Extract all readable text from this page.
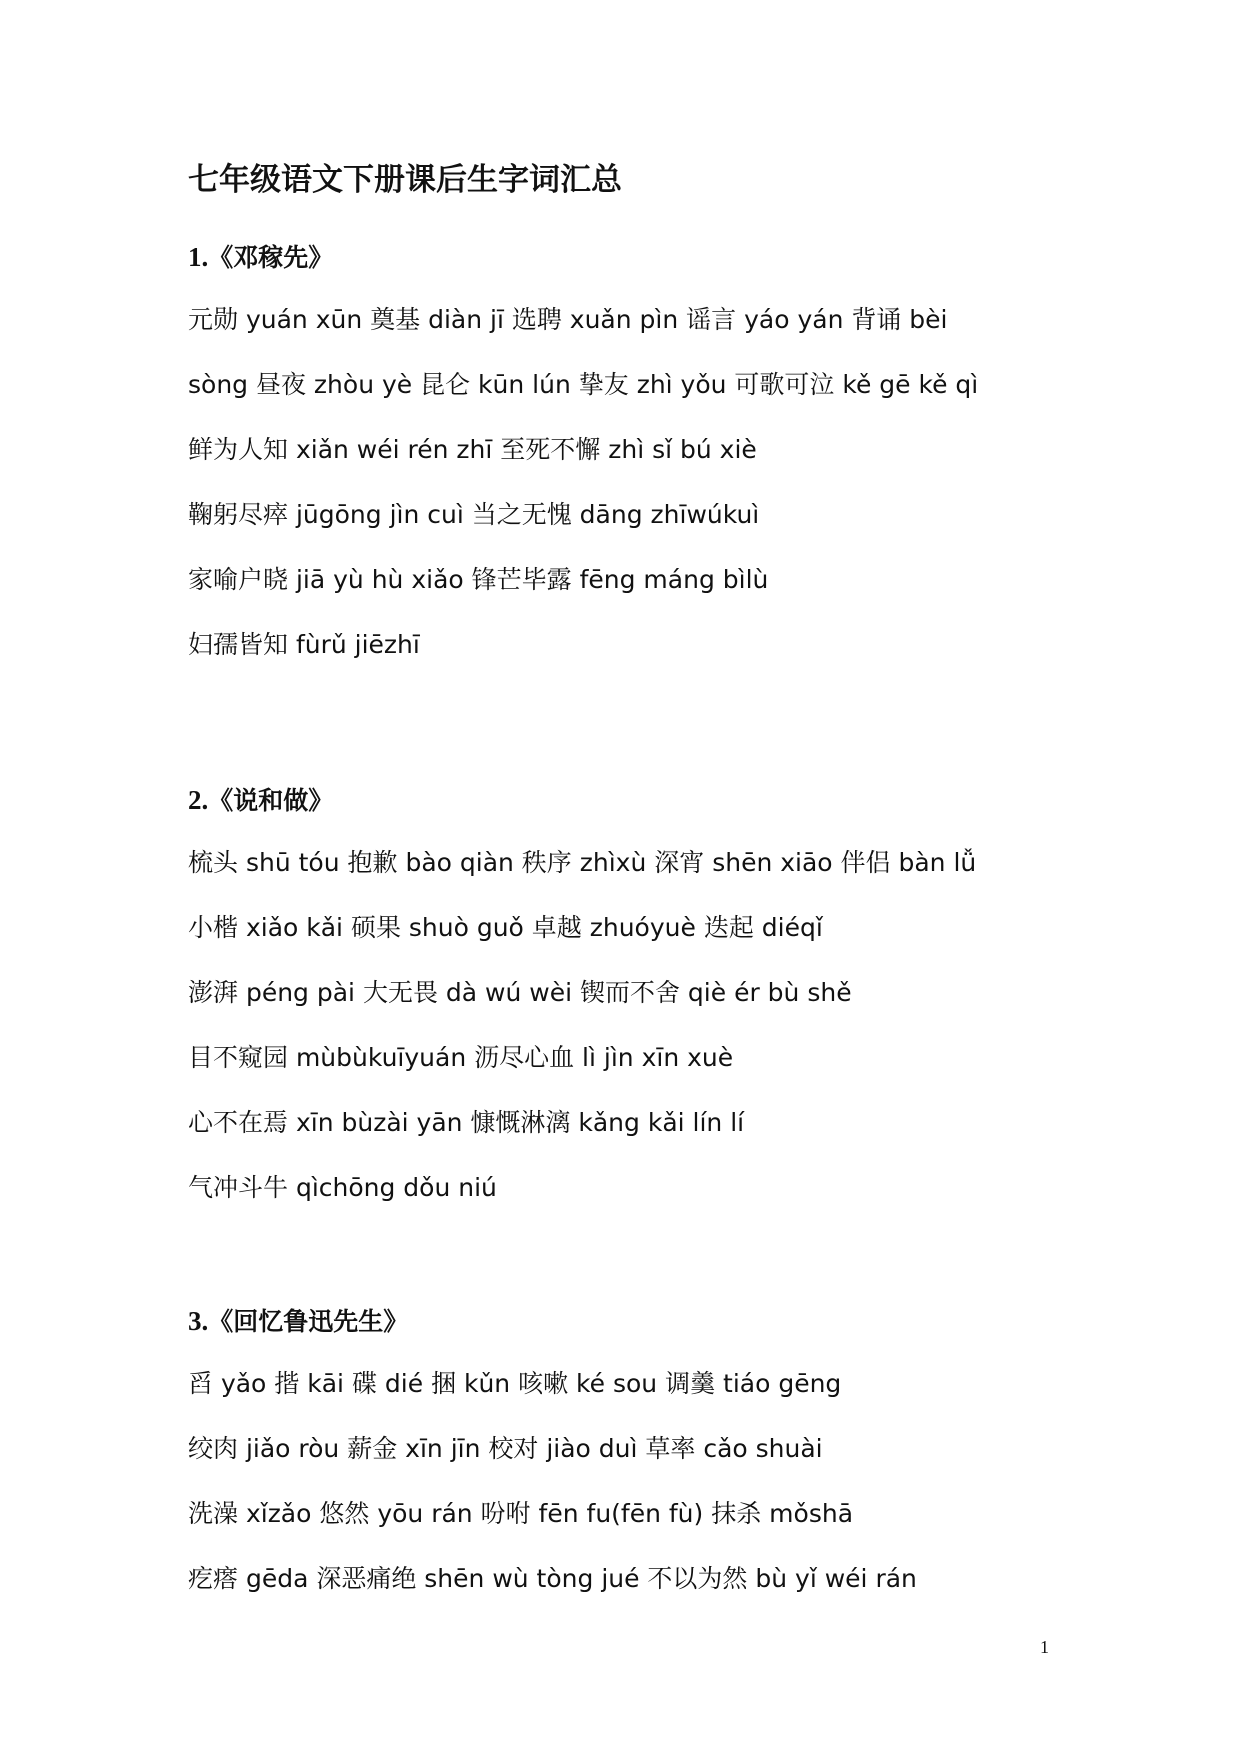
七年级语文下册课后生字词汇总
1.《邓稼先》
元勋 yuán xūn 奠基 diàn jī 选聘 xuǎn pìn 谣言 yáo yán 背诵 bèi
sòng 昼夜 zhòu yè 昆仑 kūn lún 挚友 zhì yǒu 可歌可泣 kě gē kě qì
鲜为人知 xiǎn wéi rén zhī 至死不懈 zhì sǐ bú xiè
鞠躬尽瘁 jūgōng jìn cuì 当之无愧 dāng zhīwúkuì
家喻户晓 jiā yù hù xiǎo 锋芒毕露 fēng máng bìlù
妇孺皆知 fùrǔ jiēzhī
2.《说和做》
梳头 shū tóu 抱歉 bào qiàn 秩序 zhìxù 深宵 shēn xiāo 伴侣 bàn lǚ
小楷 xiǎo kǎi 硕果 shuò guǒ 卓越 zhuóyuè 迭起 diéqǐ
澎湃 péng pài 大无畏 dà wú wèi 锲而不舍 qiè ér bù shě
目不窥园 mùbùkuīyuán 沥尽心血 lì jìn xīn xuè
心不在焉 xīn bùzài yān 慷慨淋漓 kǎng kǎi lín lí
气冲斗牛 qìchōng dǒu niú
3.《回忆鲁迅先生》
舀 yǎo 揩 kāi 碟 dié 捆 kǔn 咳嗽 ké sou 调羹 tiáo gēng
绞肉 jiǎo ròu 薪金 xīn jīn 校对 jiào duì 草率 cǎo shuài
洗澡 xǐzǎo 悠然 yōu rán 吩咐 fēn fu(fēn fù) 抹杀 mǒshā
疙瘩 gēda 深恶痛绝 shēn wù tòng jué 不以为然 bù yǐ wéi rán
1
